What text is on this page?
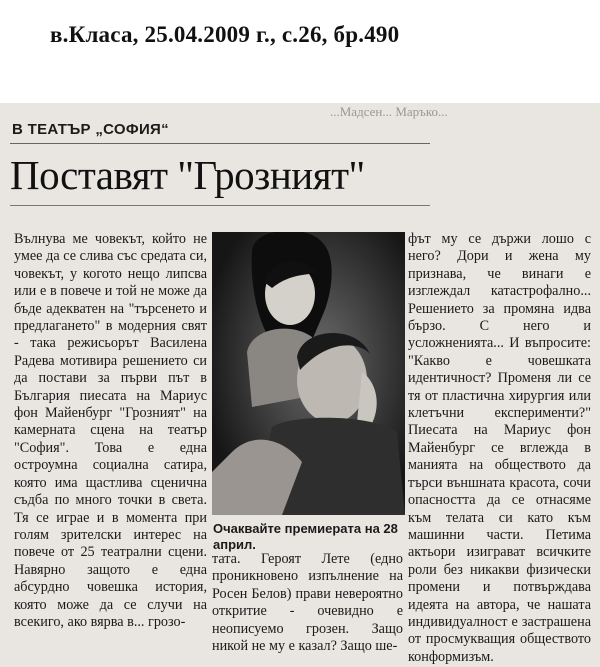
в.Класа, 25.04.2009 г., с.26, бр.490
...Мадсен... Маръко...
В ТЕАТЪР „СОФИЯ“
Поставят "Грозният"

Вълнува ме човекът, който не умее да се слива със средата си, човекът, у когото нещо липсва или е в повече и той не може да бъде адекватен на "търсенето и предлагането" в модерния свят - така режисьорът Василена Радева мотивира решението си да постави за първи път в България пиесата на Мариус фон Майенбург "Грозният" на камерната сцена на театър "София". Това е една остроумна социална сатира, която има щастлива сценична съдба по много точки в света. Тя се играе и в момента при голям зрителски интерес на повече от 25 театрални сцени. Навярно защото е една абсурдно човешка история, която може да се случи на всекиго, ако вярва в... грозо-

Очаквайте премиерата на 28 април.

тата. Героят Лете (едно проникновено изпълнение на Росен Белов) прави невероятно откритие - очевидно е неописуемо грозен. Защо никой не му е казал? Защо ше-

фът му се държи лошо с него? Дори и жена му признава, че винаги е изглеждал катастрофално... Решението за промяна идва бързо. С него и усложненията... И въпросите: "Какво е човешката идентичност? Променя ли се тя от пластична хирургия или клетъчни експерименти?" Пиесата на Мариус фон Майенбург се вглежда в манията на обществото да търси външната красота, сочи опасността да се отнасяме към телата си като към машинни части. Петима актьори изиграват всичките роли без никакви физически промени и потвърждава идеята на автора, че нашата индивидуалност е застрашена от просмукващия обществото конформизъм.
